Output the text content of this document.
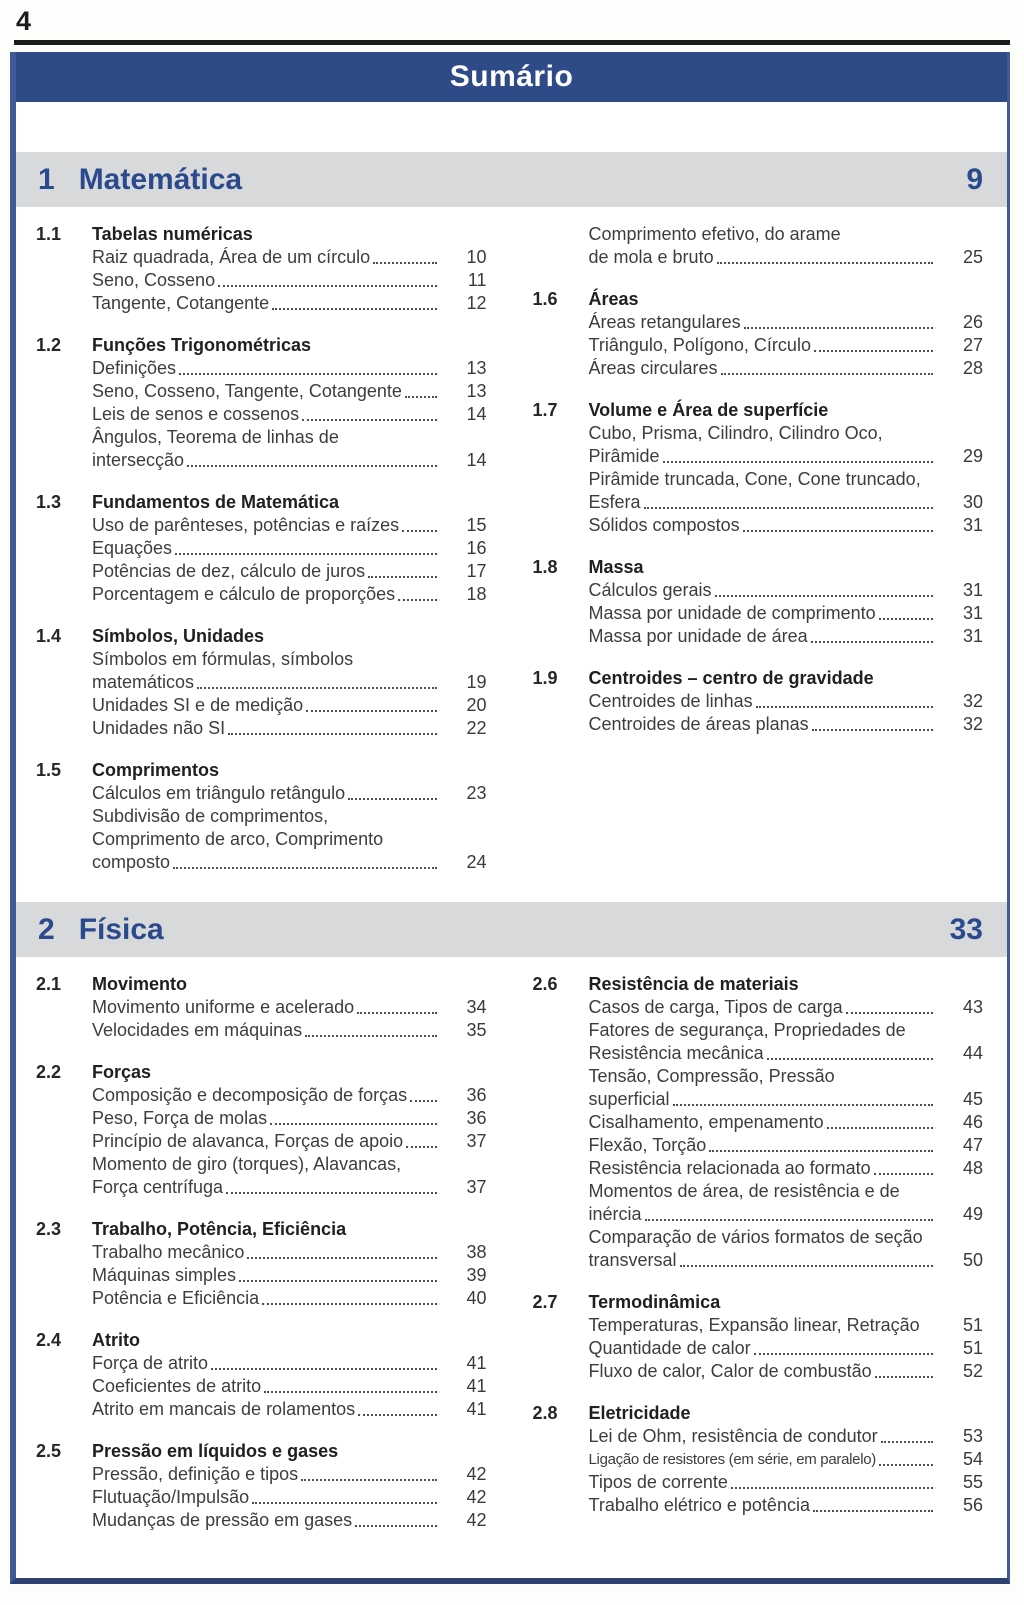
4
Sumário
1 Matemática	9
1.1	Tabelas numéricas
Raiz quadrada, Área de um círculo	10
Seno, Cosseno	11
Tangente, Cotangente	12
1.2	Funções Trigonométricas
Definições	13
Seno, Cosseno, Tangente, Cotangente	13
Leis de senos e cossenos	14
Ângulos, Teorema de linhas de
intersecção	14
1.3	Fundamentos de Matemática
Uso de parênteses, potências e raízes	15
Equações	16
Potências de dez, cálculo de juros	17
Porcentagem e cálculo de proporções	18
1.4	Símbolos, Unidades
Símbolos em fórmulas, símbolos
matemáticos	19
Unidades SI e de medição	20
Unidades não SI	22
1.5	Comprimentos
Cálculos em triângulo retângulo	23
Subdivisão de comprimentos,
Comprimento de arco, Comprimento
composto	24
Comprimento efetivo, do arame
de mola e bruto	25
1.6	Áreas
Áreas retangulares	26
Triângulo, Polígono, Círculo	27
Áreas circulares	28
1.7	Volume e Área de superfície
Cubo, Prisma, Cilindro, Cilindro Oco,
Pirâmide	29
Pirâmide truncada, Cone, Cone truncado,
Esfera	30
Sólidos compostos	31
1.8	Massa
Cálculos gerais	31
Massa por unidade de comprimento	31
Massa por unidade de área	31
1.9	Centroides – centro de gravidade
Centroides de linhas	32
Centroides de áreas planas	32
2 Física	33
2.1	Movimento
Movimento uniforme e acelerado	34
Velocidades em máquinas	35
2.2	Forças
Composição e decomposição de forças	36
Peso, Força de molas	36
Princípio de alavanca, Forças de apoio	37
Momento de giro (torques), Alavancas,
Força centrífuga	37
2.3	Trabalho, Potência, Eficiência
Trabalho mecânico	38
Máquinas simples	39
Potência e Eficiência	40
2.4	Atrito
Força de atrito	41
Coeficientes de atrito	41
Atrito em mancais de rolamentos	41
2.5	Pressão em líquidos e gases
Pressão, definição e tipos	42
Flutuação/Impulsão	42
Mudanças de pressão em gases	42
2.6	Resistência de materiais
Casos de carga, Tipos de carga	43
Fatores de segurança, Propriedades de
Resistência mecânica	44
Tensão, Compressão, Pressão
superficial	45
Cisalhamento, empenamento	46
Flexão, Torção	47
Resistência relacionada ao formato	48
Momentos de área, de resistência e de
inércia	49
Comparação de vários formatos de seção
transversal	50
2.7	Termodinâmica
Temperaturas, Expansão linear, Retração	51
Quantidade de calor	51
Fluxo de calor, Calor de combustão	52
2.8	Eletricidade
Lei de Ohm, resistência de condutor	53
Ligação de resistores (em série, em paralelo)	54
Tipos de corrente	55
Trabalho elétrico e potência	56
